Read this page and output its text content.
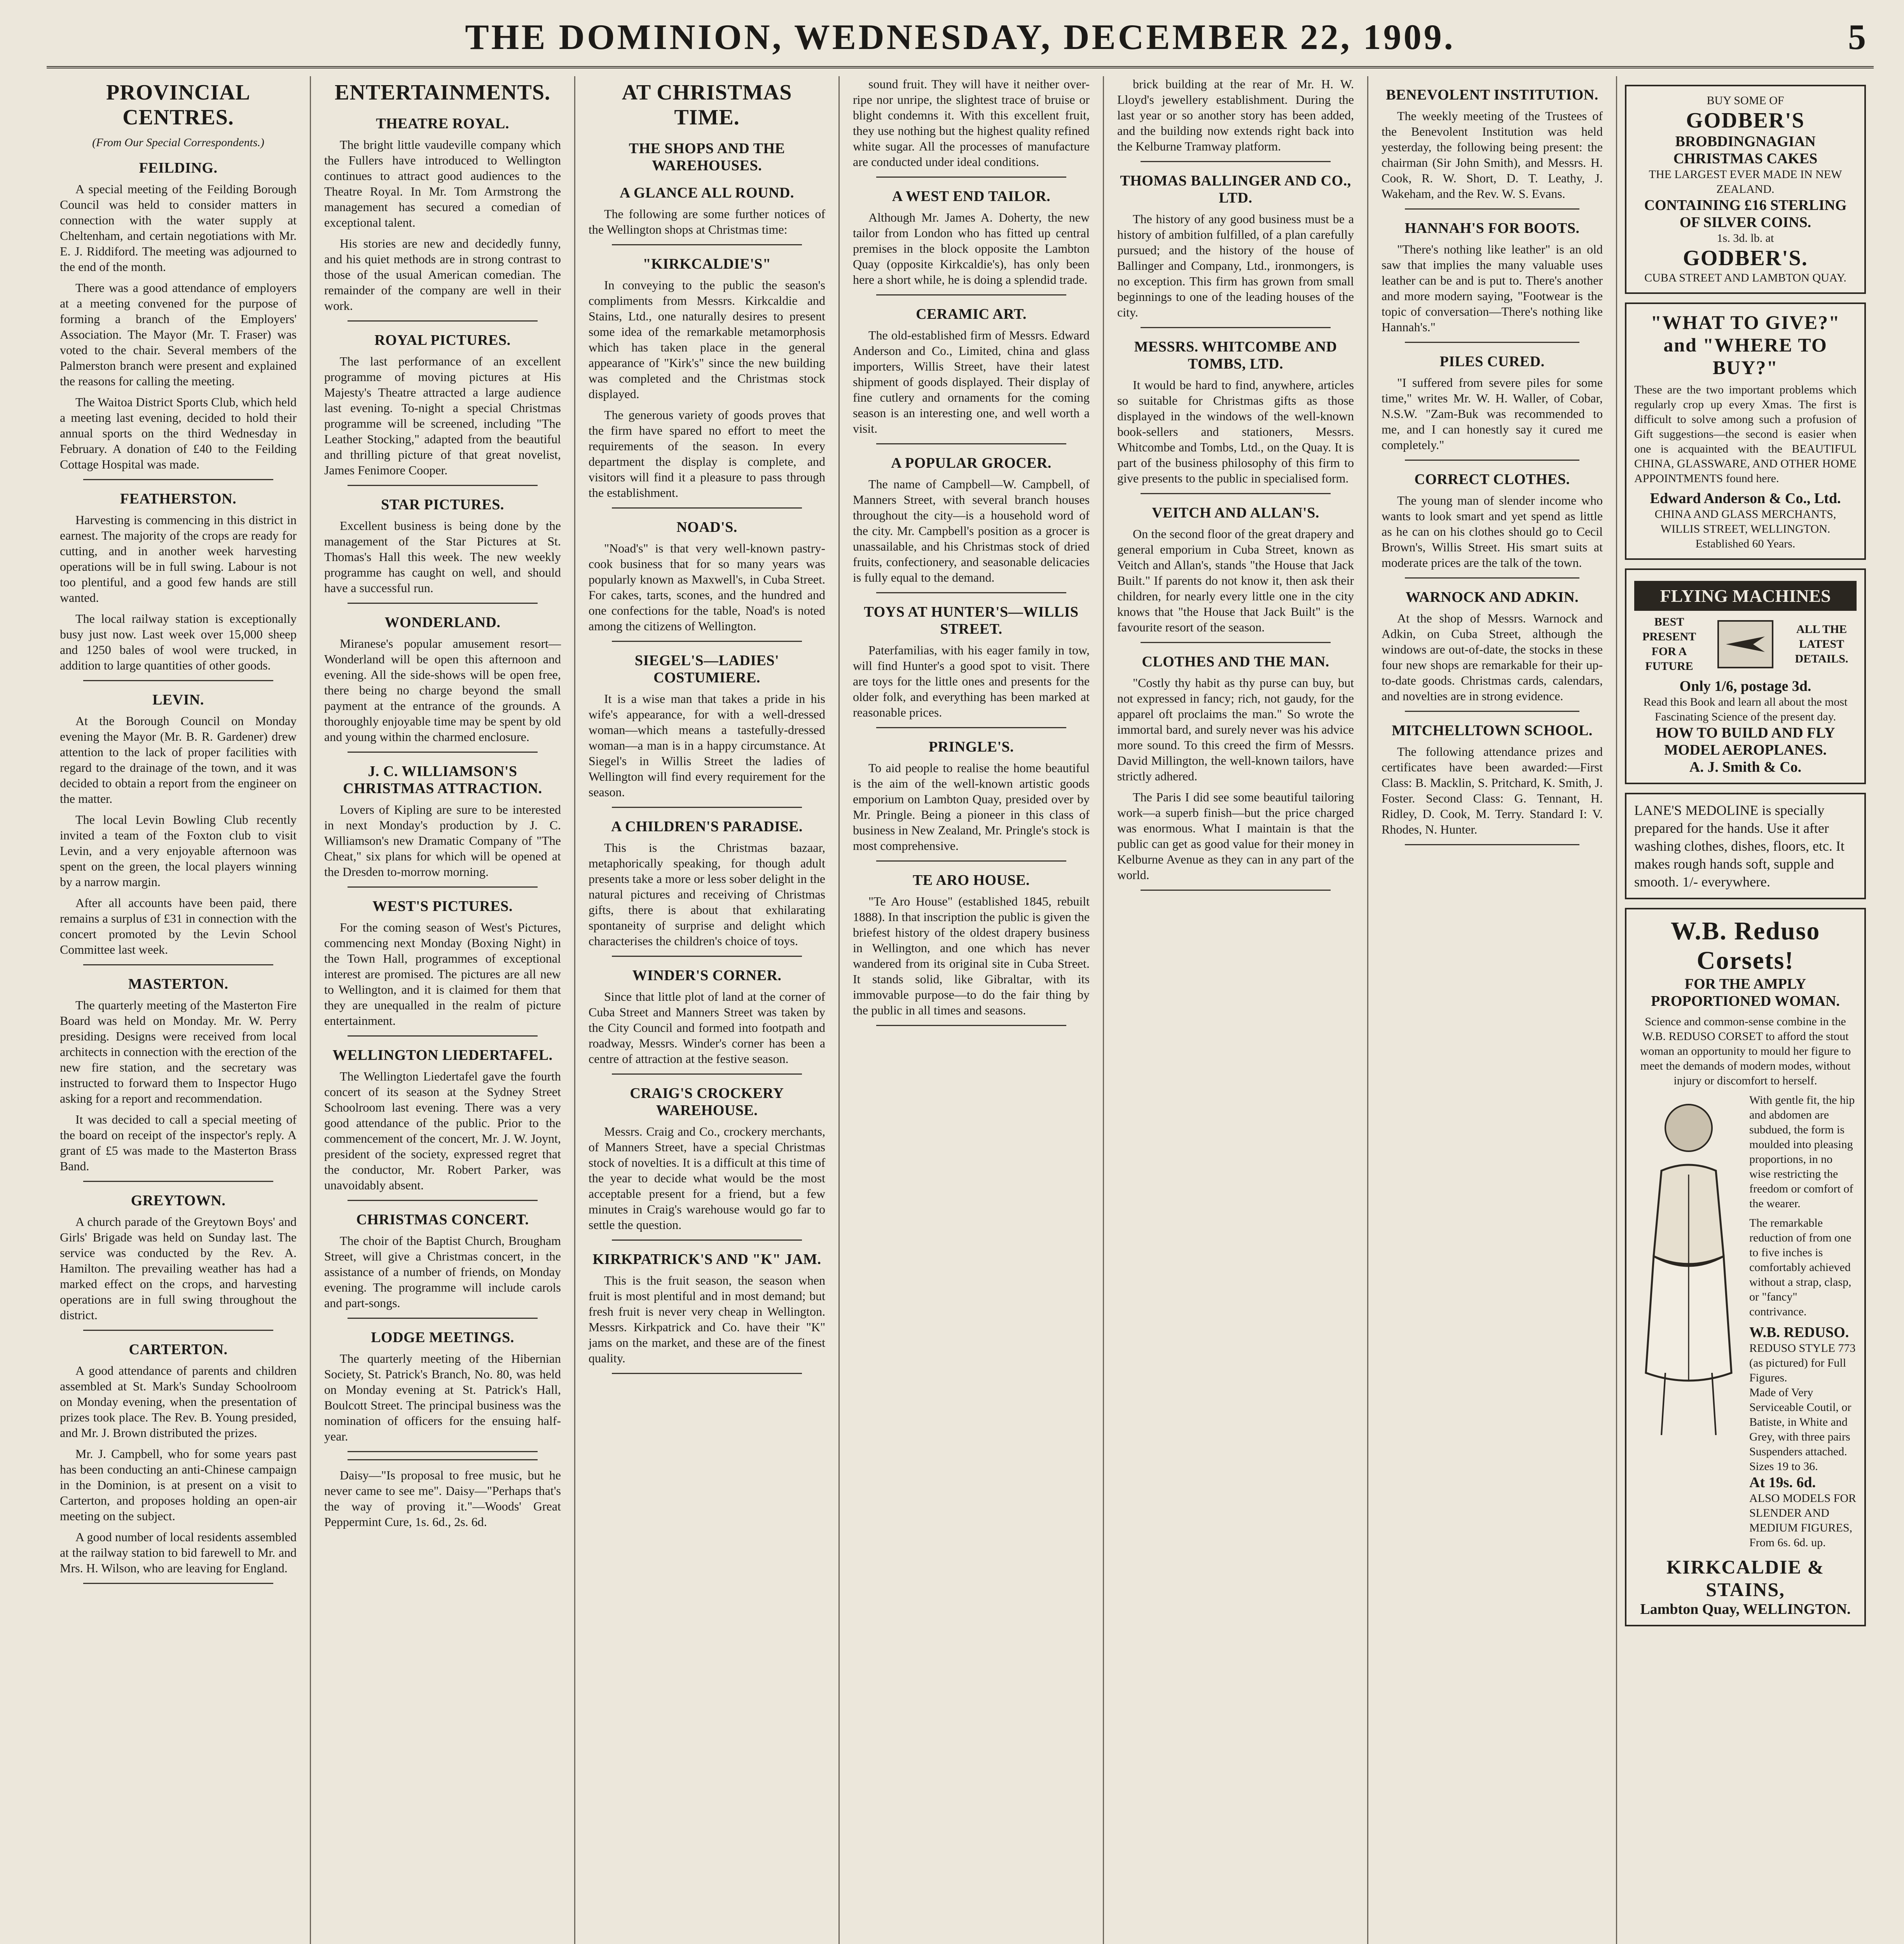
THE DOMINION, WEDNESDAY, DECEMBER 22, 1909.	5
PROVINCIAL CENTRES.
(From Our Special Correspondents.)
FEILDING.

A special meeting of the Feilding Borough Council was held to consider matters in connection with the water supply at Cheltenham, and certain negotiations with Mr. E. J. Riddiford. The meeting was adjourned to the end of the month.

There was a good attendance of employers at a meeting convened for the purpose of forming a branch of the Employers' Association. The Mayor (Mr. T. Fraser) was voted to the chair. Several members of the Palmerston branch were present and explained the reasons for calling the meeting.

The Waitoa District Sports Club, which held a meeting last evening, decided to hold their annual sports on the third Wednesday in February. A donation of £40 to the Feilding Cottage Hospital was made.

FEATHERSTON.

Harvesting is commencing in this district in earnest. The majority of the crops are ready for cutting, and in another week harvesting operations will be in full swing. Labour is not too plentiful, and a good few hands are still wanted.

The local railway station is exceptionally busy just now. Last week over 15,000 sheep and 1250 bales of wool were trucked, in addition to large quantities of other goods.

LEVIN.

At the Borough Council on Monday evening the Mayor (Mr. B. R. Gardener) drew attention to the lack of proper facilities with regard to the drainage of the town, and it was decided to obtain a report from the engineer on the matter.

The local Levin Bowling Club recently invited a team of the Foxton club to visit Levin, and a very enjoyable afternoon was spent on the green, the local players winning by a narrow margin.

After all accounts have been paid, there remains a surplus of £31 in connection with the concert promoted by the Levin School Committee last week.

MASTERTON.

The quarterly meeting of the Masterton Fire Board was held on Monday. Mr. W. Perry presiding. Designs were received from local architects in connection with the erection of the new fire station, and the secretary was instructed to forward them to Inspector Hugo asking for a report and recommendation.

It was decided to call a special meeting of the board on receipt of the inspector's reply. A grant of £5 was made to the Masterton Brass Band.

GREYTOWN.

A church parade of the Greytown Boys' and Girls' Brigade was held on Sunday last. The service was conducted by the Rev. A. Hamilton. The prevailing weather has had a marked effect on the crops, and harvesting operations are in full swing throughout the district.

CARTERTON.

A good attendance of parents and children assembled at St. Mark's Sunday Schoolroom on Monday evening, when the presentation of prizes took place. The Rev. B. Young presided, and Mr. J. Brown distributed the prizes.

Mr. J. Campbell, who for some years past has been conducting an anti-Chinese campaign in the Dominion, is at present on a visit to Carterton, and proposes holding an open-air meeting on the subject.

A good number of local residents assembled at the railway station to bid farewell to Mr. and Mrs. H. Wilson, who are leaving for England.

ENTERTAINMENTS.
THEATRE ROYAL.

The bright little vaudeville company which the Fullers have introduced to Wellington continues to attract good audiences to the Theatre Royal. In Mr. Tom Armstrong the management has secured a comedian of exceptional talent.

His stories are new and decidedly funny, and his quiet methods are in strong contrast to those of the usual American comedian. The remainder of the company are well in their work.

ROYAL PICTURES.

The last performance of an excellent programme of moving pictures at His Majesty's Theatre attracted a large audience last evening. To-night a special Christmas programme will be screened, including "The Leather Stocking," adapted from the beautiful and thrilling picture of that great novelist, James Fenimore Cooper.

STAR PICTURES.

Excellent business is being done by the management of the Star Pictures at St. Thomas's Hall this week. The new weekly programme has caught on well, and should have a successful run.

WONDERLAND.

Miranese's popular amusement resort—Wonderland will be open this afternoon and evening. All the side-shows will be open free, there being no charge beyond the small payment at the entrance of the grounds. A thoroughly enjoyable time may be spent by old and young within the charmed enclosure.

J. C. WILLIAMSON'S CHRISTMAS ATTRACTION.

Lovers of Kipling are sure to be interested in next Monday's production by J. C. Williamson's new Dramatic Company of "The Cheat," six plans for which will be opened at the Dresden to-morrow morning.

WEST'S PICTURES.

For the coming season of West's Pictures, commencing next Monday (Boxing Night) in the Town Hall, programmes of exceptional interest are promised. The pictures are all new to Wellington, and it is claimed for them that they are unequalled in the realm of picture entertainment.

WELLINGTON LIEDERTAFEL.

The Wellington Liedertafel gave the fourth concert of its season at the Sydney Street Schoolroom last evening. There was a very good attendance of the public. Prior to the commencement of the concert, Mr. J. W. Joynt, president of the society, expressed regret that the conductor, Mr. Robert Parker, was unavoidably absent.

CHRISTMAS CONCERT.

The choir of the Baptist Church, Brougham Street, will give a Christmas concert, in the assistance of a number of friends, on Monday evening. The programme will include carols and part-songs.

LODGE MEETINGS.

The quarterly meeting of the Hibernian Society, St. Patrick's Branch, No. 80, was held on Monday evening at St. Patrick's Hall, Boulcott Street. The principal business was the nomination of officers for the ensuing half-year.

Daisy—"Is proposal to free music, but he never came to see me". Daisy—"Perhaps that's the way of proving it."—Woods' Great Peppermint Cure, 1s. 6d., 2s. 6d.
AT CHRISTMAS TIME.
THE SHOPS AND THE WAREHOUSES.
A GLANCE ALL ROUND.

The following are some further notices of the Wellington shops at Christmas time:

"KIRKCALDIE'S"

In conveying to the public the season's compliments from Messrs. Kirkcaldie and Stains, Ltd., one naturally desires to present some idea of the remarkable metamorphosis which has taken place in the general appearance of "Kirk's" since the new building was completed and the Christmas stock displayed.

The generous variety of goods proves that the firm have spared no effort to meet the requirements of the season. In every department the display is complete, and visitors will find it a pleasure to pass through the establishment.

NOAD'S.

"Noad's" is that very well-known pastry-cook business that for so many years was popularly known as Maxwell's, in Cuba Street. For cakes, tarts, scones, and the hundred and one confections for the table, Noad's is noted among the citizens of Wellington.

SIEGEL'S—LADIES' COSTUMIERE.

It is a wise man that takes a pride in his wife's appearance, for with a well-dressed woman—which means a tastefully-dressed woman—a man is in a happy circumstance. At Siegel's in Willis Street the ladies of Wellington will find every requirement for the season.

A CHILDREN'S PARADISE.

This is the Christmas bazaar, metaphorically speaking, for though adult presents take a more or less sober delight in the natural pictures and receiving of Christmas gifts, there is about that exhilarating spontaneity of surprise and delight which characterises the children's choice of toys.

WINDER'S CORNER.

Since that little plot of land at the corner of Cuba Street and Manners Street was taken by the City Council and formed into footpath and roadway, Messrs. Winder's corner has been a centre of attraction at the festive season.

CRAIG'S CROCKERY WAREHOUSE.

Messrs. Craig and Co., crockery merchants, of Manners Street, have a special Christmas stock of novelties. It is a difficult at this time of the year to decide what would be the most acceptable present for a friend, but a few minutes in Craig's warehouse would go far to settle the question.

KIRKPATRICK'S AND "K" JAM.

This is the fruit season, the season when fruit is most plentiful and in most demand; but fresh fruit is never very cheap in Wellington. Messrs. Kirkpatrick and Co. have their "K" jams on the market, and these are of the finest quality.

sound fruit. They will have it neither over-ripe nor unripe, the slightest trace of bruise or blight condemns it. With this excellent fruit, they use nothing but the highest quality refined white sugar. All the processes of manufacture are conducted under ideal conditions.

A WEST END TAILOR.

Although Mr. James A. Doherty, the new tailor from London who has fitted up central premises in the block opposite the Lambton Quay (opposite Kirkcaldie's), has only been here a short while, he is doing a splendid trade.

CERAMIC ART.

The old-established firm of Messrs. Edward Anderson and Co., Limited, china and glass importers, Willis Street, have their latest shipment of goods displayed. Their display of fine cutlery and ornaments for the coming season is an interesting one, and well worth a visit.

A POPULAR GROCER.

The name of Campbell—W. Campbell, of Manners Street, with several branch houses throughout the city—is a household word of the city. Mr. Campbell's position as a grocer is unassailable, and his Christmas stock of dried fruits, confectionery, and seasonable delicacies is fully equal to the demand.

TOYS AT HUNTER'S—WILLIS STREET.

Paterfamilias, with his eager family in tow, will find Hunter's a good spot to visit. There are toys for the little ones and presents for the older folk, and everything has been marked at reasonable prices.

PRINGLE'S.

To aid people to realise the home beautiful is the aim of the well-known artistic goods emporium on Lambton Quay, presided over by Mr. Pringle. Being a pioneer in this class of business in New Zealand, Mr. Pringle's stock is most comprehensive.

TE ARO HOUSE.

"Te Aro House" (established 1845, rebuilt 1888). In that inscription the public is given the briefest history of the oldest drapery business in Wellington, and one which has never wandered from its original site in Cuba Street. It stands solid, like Gibraltar, with its immovable purpose—to do the fair thing by the public in all times and seasons.

brick building at the rear of Mr. H. W. Lloyd's jewellery establishment. During the last year or so another story has been added, and the building now extends right back into the Kelburne Tramway platform.

THOMAS BALLINGER AND CO., LTD.

The history of any good business must be a history of ambition fulfilled, of a plan carefully pursued; and the history of the house of Ballinger and Company, Ltd., ironmongers, is no exception. This firm has grown from small beginnings to one of the leading houses of the city.

MESSRS. WHITCOMBE AND TOMBS, LTD.

It would be hard to find, anywhere, articles so suitable for Christmas gifts as those displayed in the windows of the well-known book-sellers and stationers, Messrs. Whitcombe and Tombs, Ltd., on the Quay. It is part of the business philosophy of this firm to give presents to the public in specialised form.

VEITCH AND ALLAN'S.

On the second floor of the great drapery and general emporium in Cuba Street, known as Veitch and Allan's, stands "the House that Jack Built." If parents do not know it, then ask their children, for nearly every little one in the city knows that "the House that Jack Built" is the favourite resort of the season.

CLOTHES AND THE MAN.

"Costly thy habit as thy purse can buy, but not expressed in fancy; rich, not gaudy, for the apparel oft proclaims the man." So wrote the immortal bard, and surely never was his advice more sound. To this creed the firm of Messrs. David Millington, the well-known tailors, have strictly adhered.

The Paris I did see some beautiful tailoring work—a superb finish—but the price charged was enormous. What I maintain is that the public can get as good value for their money in Kelburne Avenue as they can in any part of the world.

BENEVOLENT INSTITUTION.

The weekly meeting of the Trustees of the Benevolent Institution was held yesterday, the following being present: the chairman (Sir John Smith), and Messrs. H. Cook, R. W. Short, D. T. Leathy, J. Wakeham, and the Rev. W. S. Evans.

HANNAH'S FOR BOOTS.

"There's nothing like leather" is an old saw that implies the many valuable uses leather can be and is put to. There's another and more modern saying, "Footwear is the topic of conversation—There's nothing like Hannah's."

PILES CURED.

"I suffered from severe piles for some time," writes Mr. W. H. Waller, of Cobar, N.S.W. "Zam-Buk was recommended to me, and I can honestly say it cured me completely."

CORRECT CLOTHES.

The young man of slender income who wants to look smart and yet spend as little as he can on his clothes should go to Cecil Brown's, Willis Street. His smart suits at moderate prices are the talk of the town.

WARNOCK AND ADKIN.

At the shop of Messrs. Warnock and Adkin, on Cuba Street, although the windows are out-of-date, the stocks in these four new shops are remarkable for their up-to-date goods. Christmas cards, calendars, and novelties are in strong evidence.

MITCHELLTOWN SCHOOL.

The following attendance prizes and certificates have been awarded:—First Class: B. Macklin, S. Pritchard, K. Smith, J. Foster. Second Class: G. Tennant, H. Ridley, D. Cook, M. Terry. Standard I: V. Rhodes, N. Hunter.

BUY SOME OF
GODBER'S
BROBDINGNAGIAN CHRISTMAS CAKES
THE LARGEST EVER MADE IN NEW ZEALAND.
CONTAINING £16 STERLING OF SILVER COINS.
1s. 3d. lb. at
GODBER'S.
CUBA STREET AND LAMBTON QUAY.
"WHAT TO GIVE?" and "WHERE TO BUY?"
These are the two important problems which regularly crop up every Xmas. The first is difficult to solve among such a profusion of Gift suggestions—the second is easier when one is acquainted with the BEAUTIFUL CHINA, GLASSWARE, AND OTHER HOME APPOINTMENTS found here.
Edward Anderson & Co., Ltd.
CHINA AND GLASS MERCHANTS, WILLIS STREET, WELLINGTON.
Established 60 Years.
FLYING MACHINES
BEST PRESENT FOR A FUTURE
ALL THE LATEST DETAILS.
Only 1/6, postage 3d.
Read this Book and learn all about the most Fascinating Science of the present day.
HOW TO BUILD AND FLY MODEL AEROPLANES.
A. J. Smith & Co.
LANE'S MEDOLINE is specially prepared for the hands. Use it after washing clothes, dishes, floors, etc. It makes rough hands soft, supple and smooth. 1/- everywhere.
W.B. Reduso Corsets!
FOR THE AMPLY PROPORTIONED WOMAN.
Science and common-sense combine in the W.B. REDUSO CORSET to afford the stout woman an opportunity to mould her figure to meet the demands of modern modes, without injury or discomfort to herself.
With gentle fit, the hip and abdomen are subdued, the form is moulded into pleasing proportions, in no wise restricting the freedom or comfort of the wearer.
The remarkable reduction of from one to five inches is comfortably achieved without a strap, clasp, or "fancy" contrivance.
W.B. REDUSO.
REDUSO STYLE 773 (as pictured) for Full Figures.
Made of Very Serviceable Coutil, or Batiste, in White and Grey, with three pairs Suspenders attached. Sizes 19 to 36.
At 19s. 6d.
ALSO MODELS FOR SLENDER AND MEDIUM FIGURES, From 6s. 6d. up.
KIRKCALDIE & STAINS,
Lambton Quay, WELLINGTON.
